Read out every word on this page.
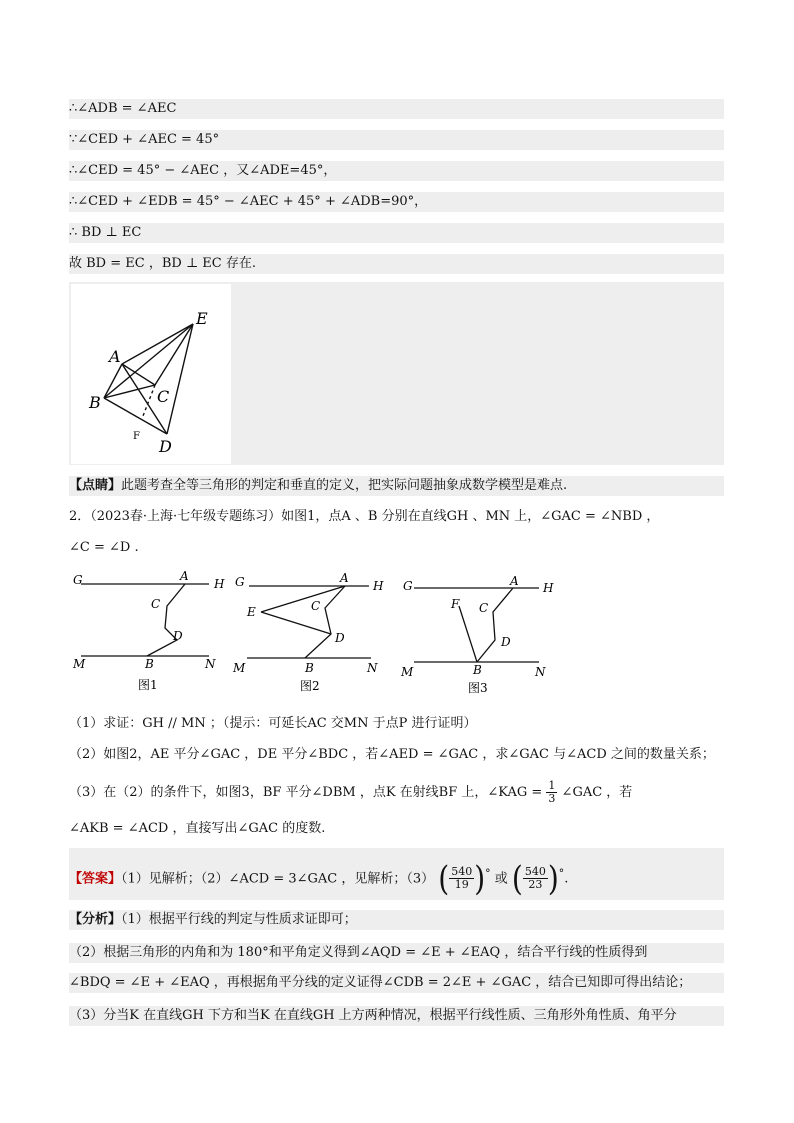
∴∠ADB = ∠AEC
∵∠CED + ∠AEC = 45°
∴∠CED = 45° − ∠AEC ，又∠ADE=45°，
∴∠CED + ∠EDB = 45° − ∠AEC + 45° + ∠ADB=90°，
∴ BD ⊥ EC
故 BD = EC ，BD ⊥ EC 存在.
E
A
B	C
D
F
【点睛】此题考查全等三角形的判定和垂直的定义，把实际问题抽象成数学模型是难点.
2．（2023春·上海·七年级专题练习）如图1，点A 、B 分别在直线GH 、MN 上，∠GAC = ∠NBD ，
∠C = ∠D .
G	H
A
C
D
M	B	N
G	H
A
C
D
E
M	B	N
G	H
A
C
D
F
M	B	N
图1	图2	图3
（1）求证：GH // MN ；（提示：可延长AC 交MN 于点P 进行证明）
（2）如图2，AE 平分∠GAC ，DE 平分∠BDC ，若∠AED = ∠GAC ，求∠GAC 与∠ACD 之间的数量关系；
（3）在（2）的条件下，如图3，BF 平分∠DBM ，点K 在射线BF 上，∠KAG = $\frac{1}{3}$ ∠GAC ，若
∠AKB = ∠ACD ，直接写出∠GAC 的度数.
【答案】（1）见解析；（2）∠ACD = 3∠GAC ，见解析；（3） ( $\frac{540}{19} )^\circ$ 或 ( $\frac{540}{23} )^\circ$.
【分析】（1）根据平行线的判定与性质求证即可；
（2）根据三角形的内角和为 180°和平角定义得到∠AQD = ∠E + ∠EAQ ，结合平行线的性质得到
∠BDQ = ∠E + ∠EAQ ，再根据角平分线的定义证得∠CDB = 2∠E + ∠GAC ，结合已知即可得出结论；
（3）分当K 在直线GH 下方和当K 在直线GH 上方两种情况，根据平行线性质、三角形外角性质、角平分
